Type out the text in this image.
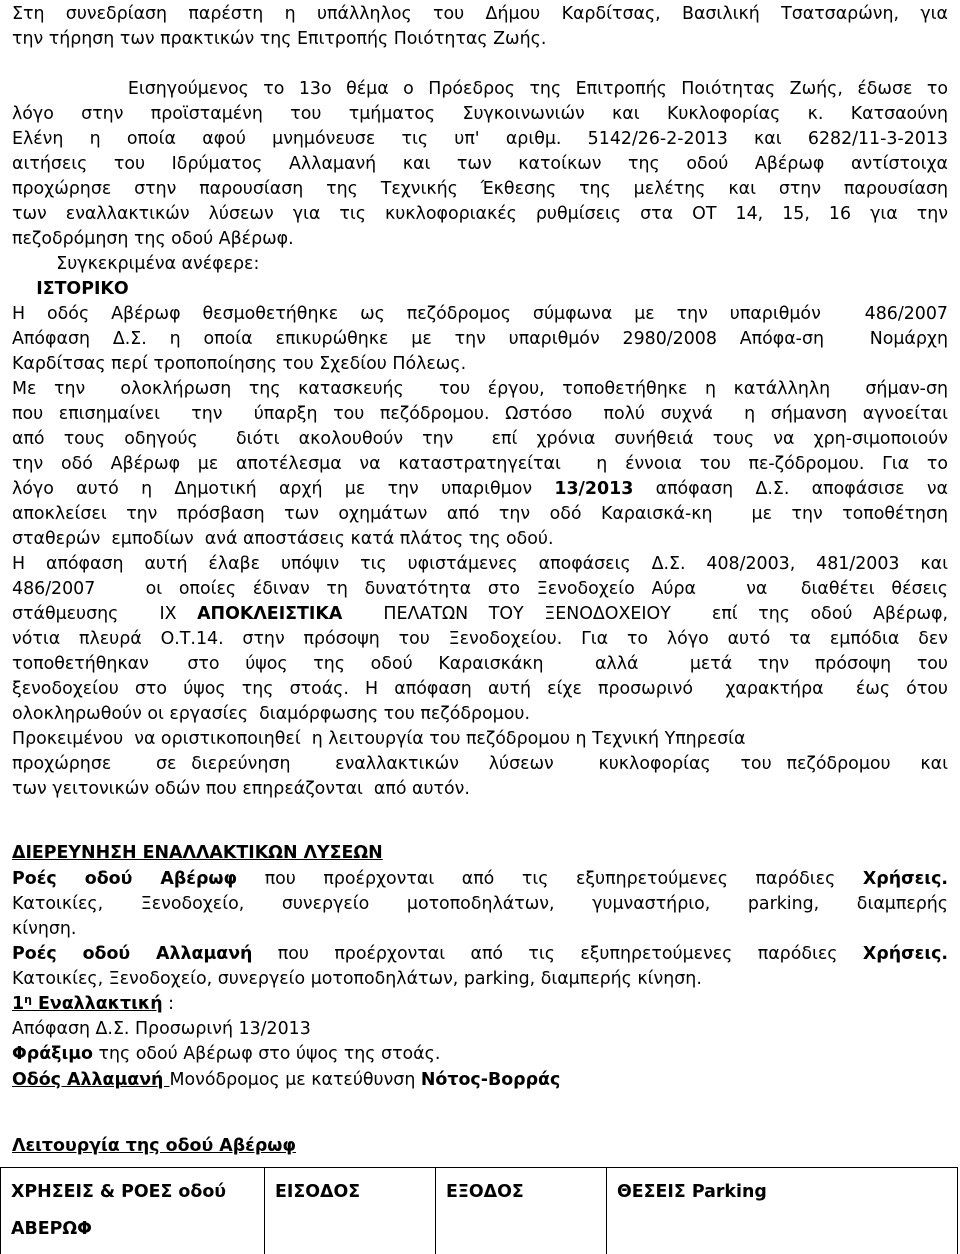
Στη συνεδρίαση παρέστη η υπάλληλος του Δήμου Καρδίτσας, Βασιλική Τσατσαρώνη, για
την τήρηση των πρακτικών της Επιτροπής Ποιότητας Ζωής.
Εισηγούμενος το 13ο θέμα ο Πρόεδρος της Επιτροπής Ποιότητας Ζωής, έδωσε το
λόγο στην προϊσταμένη του τμήματος Συγκοινωνιών και Κυκλοφορίας κ. Κατσαούνη
Ελένη η οποία αφού μνημόνευσε τις υπ' αριθμ. 5142/26-2-2013 και 6282/11-3-2013
αιτήσεις του Ιδρύματος Αλλαμανή και των κατοίκων της οδού Αβέρωφ αντίστοιχα
προχώρησε στην παρουσίαση της Τεχνικής Έκθεσης της μελέτης και στην παρουσίαση
των εναλλακτικών λύσεων για τις κυκλοφοριακές ρυθμίσεις στα ΟΤ 14, 15, 16 για την
πεζοδρόμηση της οδού Αβέρωφ.
Συγκεκριμένα ανέφερε:
ΙΣΤΟΡΙΚΟ
Η οδός Αβέρωφ θεσμοθετήθηκε ως πεζόδρομος σύμφωνα με την υπαριθμόν  486/2007
Απόφαση Δ.Σ. η οποία επικυρώθηκε με την υπαριθμόν 2980/2008 Απόφα-ση  Νομάρχη
Καρδίτσας περί τροποποίησης του Σχεδίου Πόλεως.
Με την  ολοκλήρωση της κατασκευής  του έργου, τοποθετήθηκε η κατάλληλη  σήμαν-ση
που επισημαίνει  την  ύπαρξη του πεζόδρομου. Ωστόσο  πολύ συχνά  η σήμανση αγνοείται
από τους οδηγούς  διότι ακολουθούν την  επί χρόνια συνήθειά τους να χρη-σιμοποιούν
την οδό Αβέρωφ με αποτέλεσμα να καταστρατηγείται  η έννοια του πε-ζόδρομου. Για το
λόγο αυτό η Δημοτική αρχή με την υπαριθμον 13/2013 απόφαση Δ.Σ. αποφάσισε να
αποκλείσει την πρόσβαση των οχημάτων από την οδό Καραισκά-κη  με την τοποθέτηση
σταθερών  εμποδίων  ανά αποστάσεις κατά πλάτος της οδού.
Η απόφαση αυτή έλαβε υπόψιν τις υφιστάμενες αποφάσεις Δ.Σ. 408/2003, 481/2003 και
486/2007   οι οποίες έδιναν τη δυνατότητα στο Ξενοδοχείο Αύρα   να  διαθέτει θέσεις
στάθμευσης  ΙΧ ΑΠΟΚΛΕΙΣΤΙΚΑ  ΠΕΛΑΤΩΝ ΤΟΥ ΞΕΝΟΔΟΧΕΙΟΥ  επί της οδού Αβέρωφ,
νότια πλευρά Ο.Τ.14. στην πρόσοψη του Ξενοδοχείου. Για το λόγο αυτό τα εμπόδια δεν
τοποθετήθηκαν   στο  ύψος  της  οδού  Καραισκάκη    αλλά    μετά  την  πρόσοψη  του
ξενοδοχείου στο ύψος της στοάς. Η απόφαση αυτή είχε προσωρινό  χαρακτήρα  έως ότου
ολοκληρωθούν οι εργασίες  διαμόρφωσης του πεζόδρομου.
Προκειμένου  να οριστικοποιηθεί  η λειτουργία του πεζόδρομου η Τεχνική Υπηρεσία
προχώρησε   σε διερεύνηση   εναλλακτικών  λύσεων   κυκλοφορίας  του πεζόδρομου  και
των γειτονικών οδών που επηρεάζονται  από αυτόν.
ΔΙΕΡΕΥΝΗΣΗ ΕΝΑΛΛΑΚΤΙΚΩΝ ΛΥΣΕΩΝ
Ροές οδού Αβέρωφ που προέρχονται από τις εξυπηρετούμενες παρόδιες Χρήσεις.
Κατοικίες, Ξενοδοχείο, συνεργείο μοτοποδηλάτων, γυμναστήριο, parking, διαμπερής
κίνηση.
Ροές οδού Αλλαμανή που προέρχονται από τις εξυπηρετούμενες παρόδιες Χρήσεις.
Κατοικίες, Ξενοδοχείο, συνεργείο μοτοποδηλάτων, parking, διαμπερής κίνηση.
$1^\eta$ Εναλλακτική :
Απόφαση Δ.Σ. Προσωρινή 13/2013
Φράξιμο της οδού Αβέρωφ στο ύψος της στοάς.
Οδός Αλλαμανή Μονόδρομος με κατεύθυνση Νότος-Βορράς
Λειτουργία της οδού Αβέρωφ
ΧΡΗΣΕΙΣ & ΡΟΕΣ οδού ΑΒΕΡΩΦ	ΕΙΣΟΔΟΣ	ΕΞΟΔΟΣ	ΘΕΣΕΙΣ Parking
